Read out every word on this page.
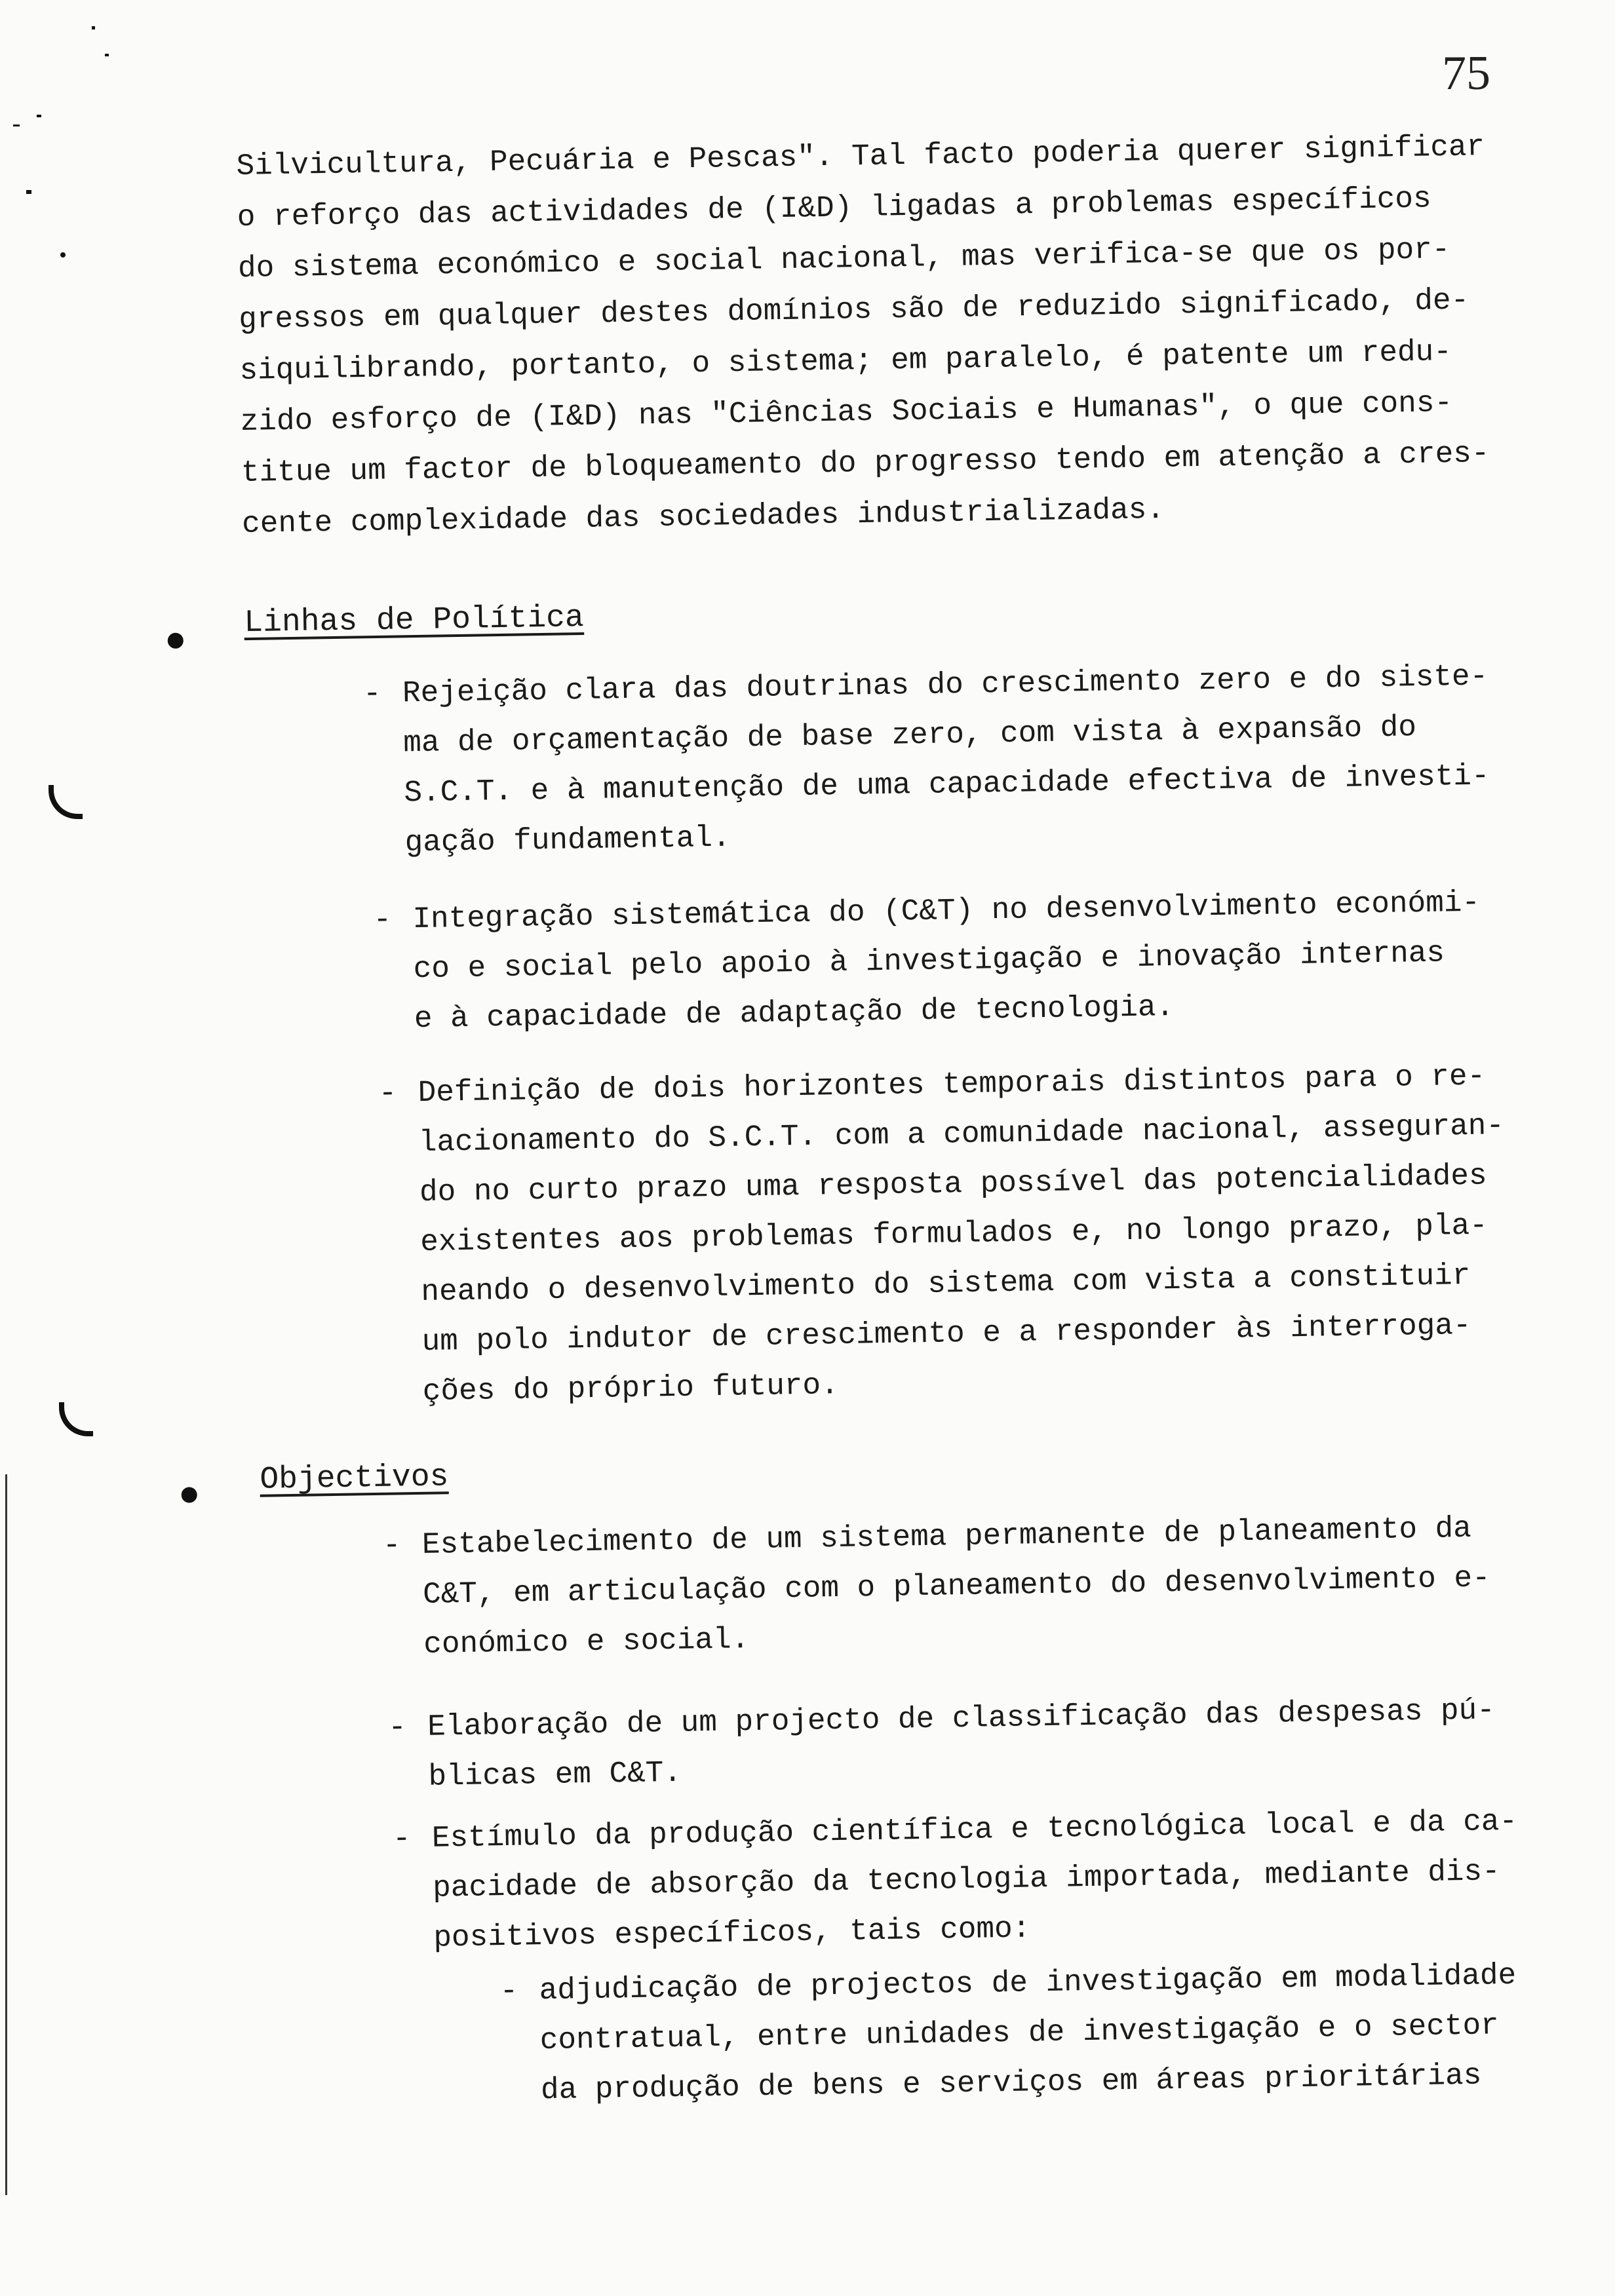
75
Silvicultura, Pecuária e Pescas". Tal facto poderia querer significar
o reforço das actividades de (I&D) ligadas a problemas específicos
do sistema económico e social nacional, mas verifica-se que os por-
gressos em qualquer destes domínios são de reduzido significado, de-
siquilibrando, portanto, o sistema; em paralelo, é patente um redu-
zido esforço de (I&D) nas "Ciências Sociais e Humanas", o que cons-
titue um factor de bloqueamento do progresso tendo em atenção a cres-
cente complexidade das sociedades industrializadas.
Linhas de Política
- Rejeição clara das doutrinas do crescimento zero e do siste-
ma de orçamentação de base zero, com vista à expansão do
S.C.T. e à manutenção de uma capacidade efectiva de investi-
gação fundamental.
- Integração sistemática do (C&T) no desenvolvimento económi-
co e social pelo apoio à investigação e inovação internas
e à capacidade de adaptação de tecnologia.
- Definição de dois horizontes temporais distintos para o re-
lacionamento do S.C.T. com a comunidade nacional, asseguran-
do no curto prazo uma resposta possível das potencialidades
existentes aos problemas formulados e, no longo prazo, pla-
neando o desenvolvimento do sistema com vista a constituir
um polo indutor de crescimento e a responder às interroga-
ções do próprio futuro.
Objectivos
- Estabelecimento de um sistema permanente de planeamento da
C&T, em articulação com o planeamento do desenvolvimento e-
conómico e social.
- Elaboração de um projecto de classificação das despesas pú-
blicas em C&T.
- Estímulo da produção científica e tecnológica local e da ca-
pacidade de absorção da tecnologia importada, mediante dis-
positivos específicos, tais como:
- adjudicação de projectos de investigação em modalidade
contratual, entre unidades de investigação e o sector
da produção de bens e serviços em áreas prioritárias
